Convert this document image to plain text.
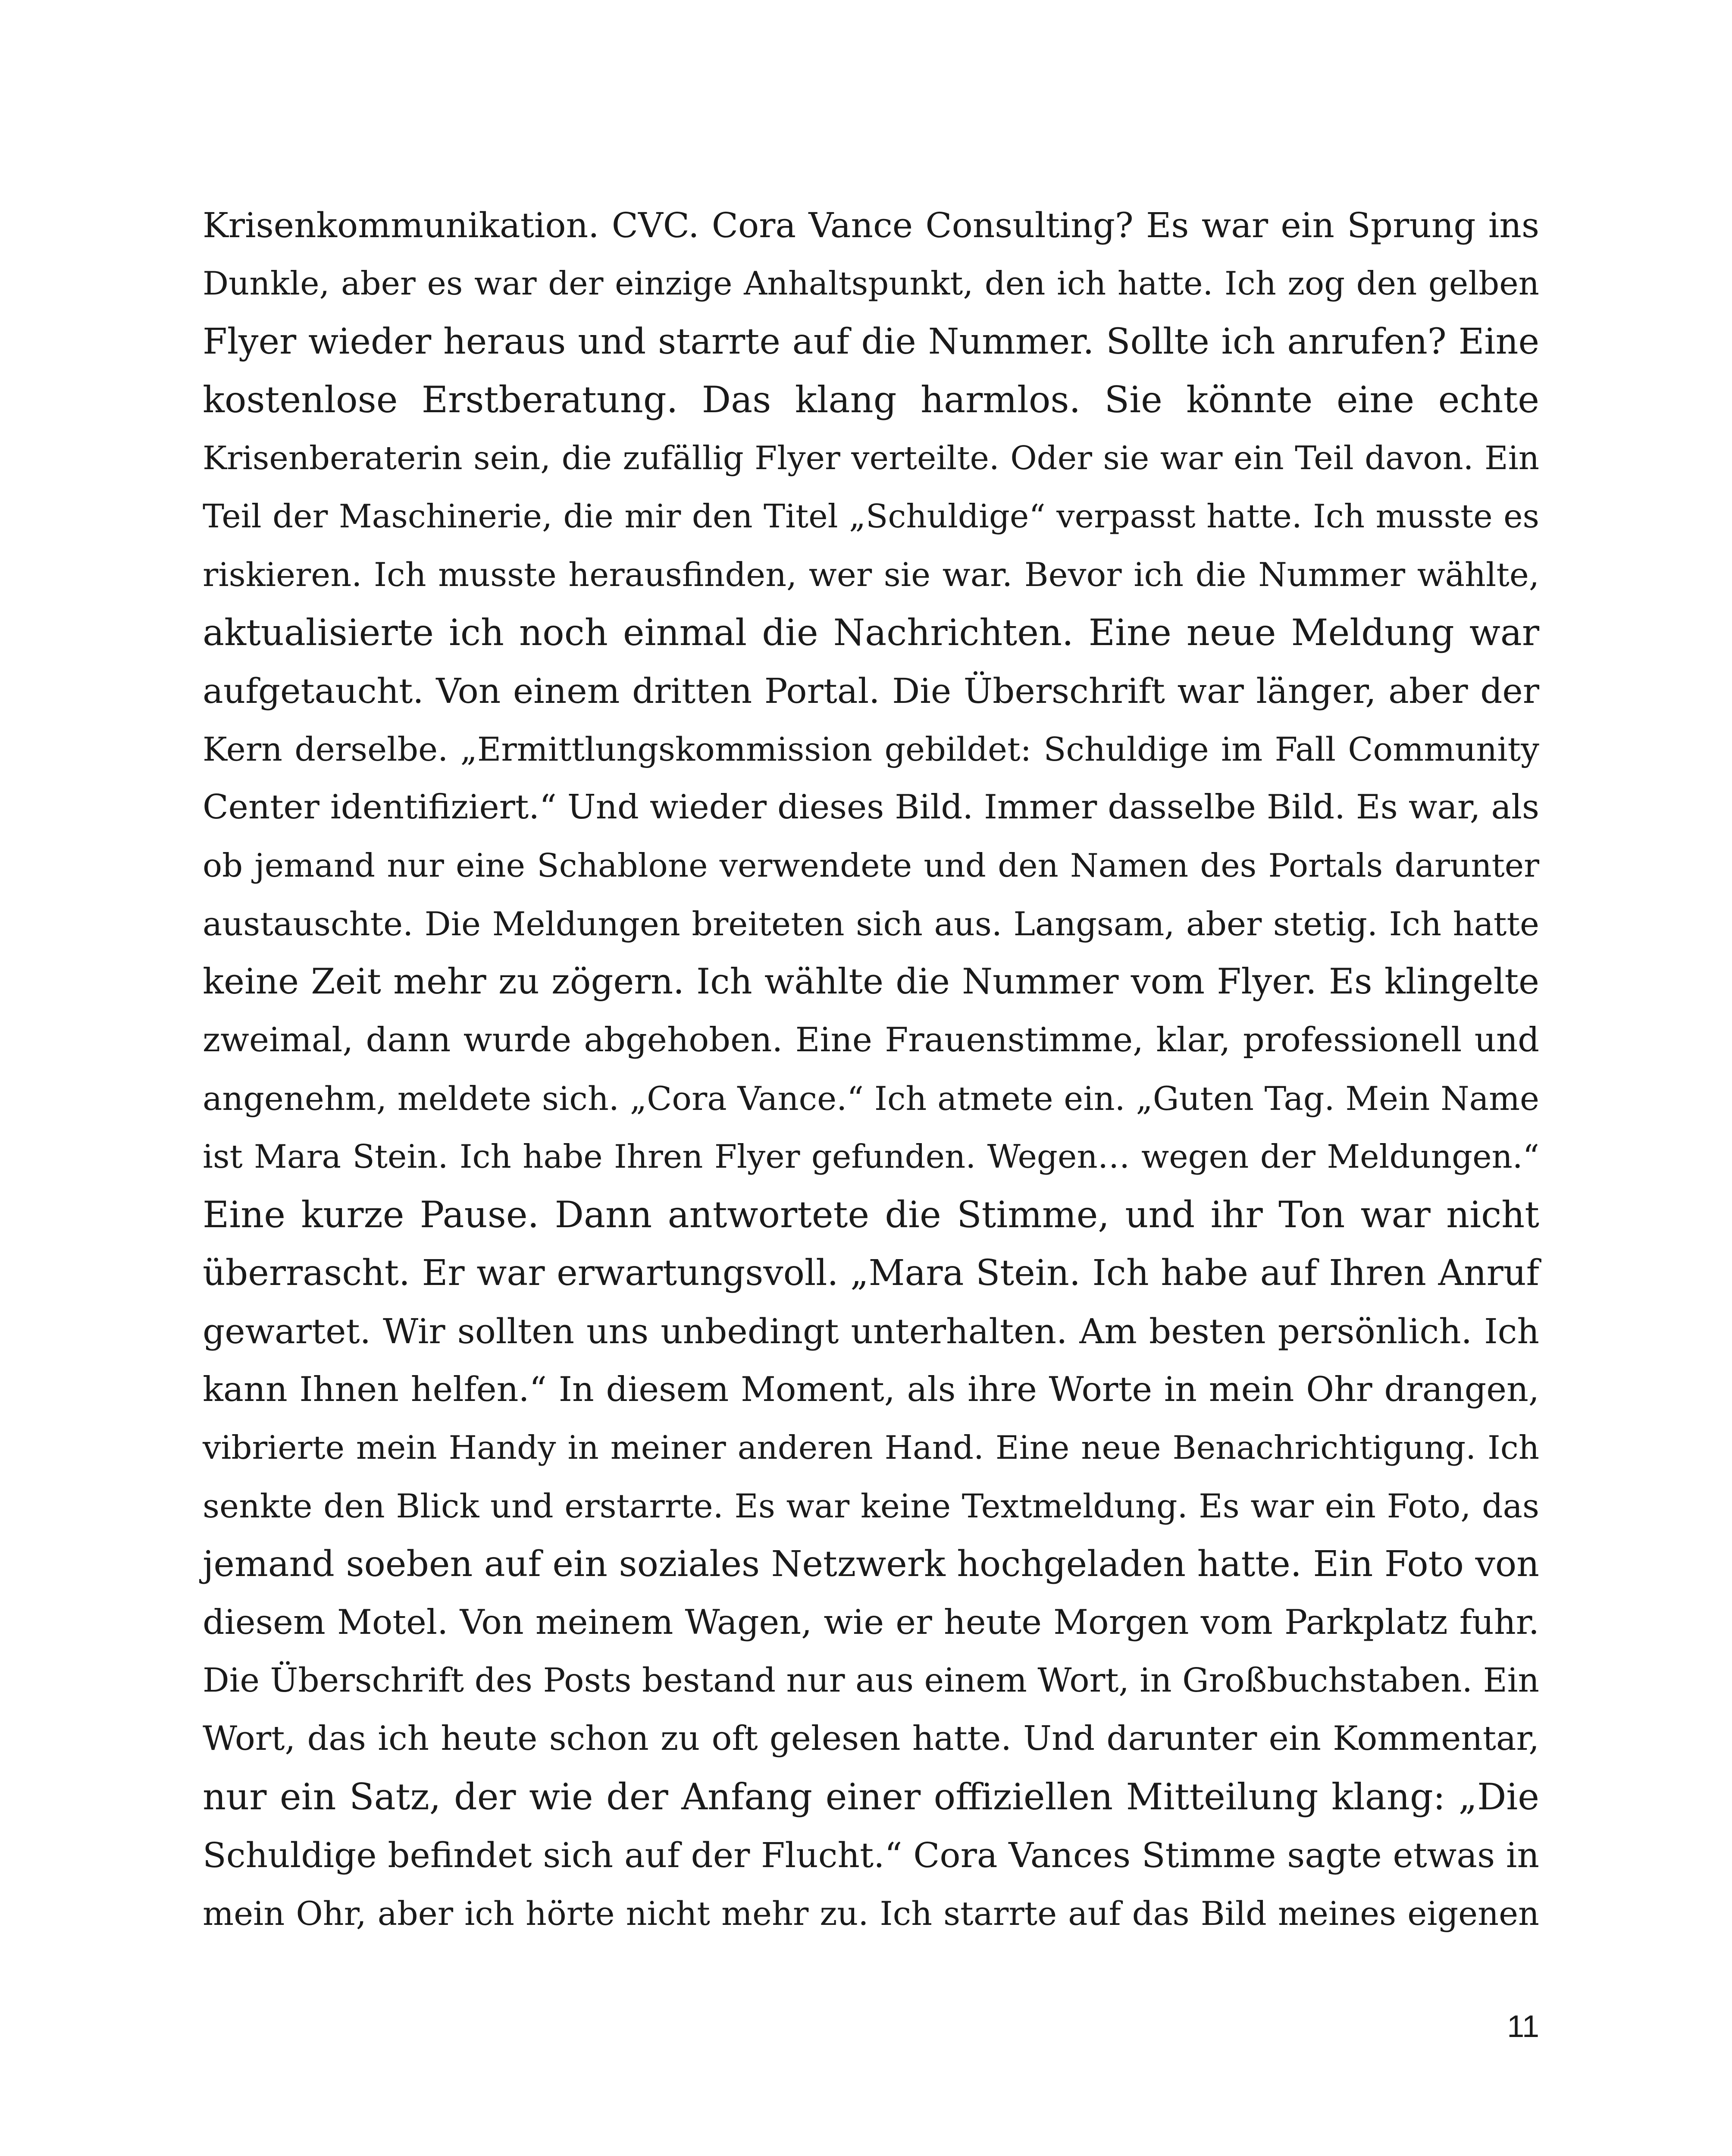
Krisenkommunikation. CVC. Cora Vance Consulting? Es war ein Sprung ins
Dunkle, aber es war der einzige Anhaltspunkt, den ich hatte. Ich zog den gelben
Flyer wieder heraus und starrte auf die Nummer. Sollte ich anrufen? Eine
kostenlose Erstberatung. Das klang harmlos. Sie könnte eine echte
Krisenberaterin sein, die zufällig Flyer verteilte. Oder sie war ein Teil davon. Ein
Teil der Maschinerie, die mir den Titel „Schuldige“ verpasst hatte. Ich musste es
riskieren. Ich musste herausfinden, wer sie war. Bevor ich die Nummer wählte,
aktualisierte ich noch einmal die Nachrichten. Eine neue Meldung war
aufgetaucht. Von einem dritten Portal. Die Überschrift war länger, aber der
Kern derselbe. „Ermittlungskommission gebildet: Schuldige im Fall Community
Center identifiziert.“ Und wieder dieses Bild. Immer dasselbe Bild. Es war, als
ob jemand nur eine Schablone verwendete und den Namen des Portals darunter
austauschte. Die Meldungen breiteten sich aus. Langsam, aber stetig. Ich hatte
keine Zeit mehr zu zögern. Ich wählte die Nummer vom Flyer. Es klingelte
zweimal, dann wurde abgehoben. Eine Frauenstimme, klar, professionell und
angenehm, meldete sich. „Cora Vance.“ Ich atmete ein. „Guten Tag. Mein Name
ist Mara Stein. Ich habe Ihren Flyer gefunden. Wegen… wegen der Meldungen.“
Eine kurze Pause. Dann antwortete die Stimme, und ihr Ton war nicht
überrascht. Er war erwartungsvoll. „Mara Stein. Ich habe auf Ihren Anruf
gewartet. Wir sollten uns unbedingt unterhalten. Am besten persönlich. Ich
kann Ihnen helfen.“ In diesem Moment, als ihre Worte in mein Ohr drangen,
vibrierte mein Handy in meiner anderen Hand. Eine neue Benachrichtigung. Ich
senkte den Blick und erstarrte. Es war keine Textmeldung. Es war ein Foto, das
jemand soeben auf ein soziales Netzwerk hochgeladen hatte. Ein Foto von
diesem Motel. Von meinem Wagen, wie er heute Morgen vom Parkplatz fuhr.
Die Überschrift des Posts bestand nur aus einem Wort, in Großbuchstaben. Ein
Wort, das ich heute schon zu oft gelesen hatte. Und darunter ein Kommentar,
nur ein Satz, der wie der Anfang einer offiziellen Mitteilung klang: „Die
Schuldige befindet sich auf der Flucht.“ Cora Vances Stimme sagte etwas in
mein Ohr, aber ich hörte nicht mehr zu. Ich starrte auf das Bild meines eigenen
11
